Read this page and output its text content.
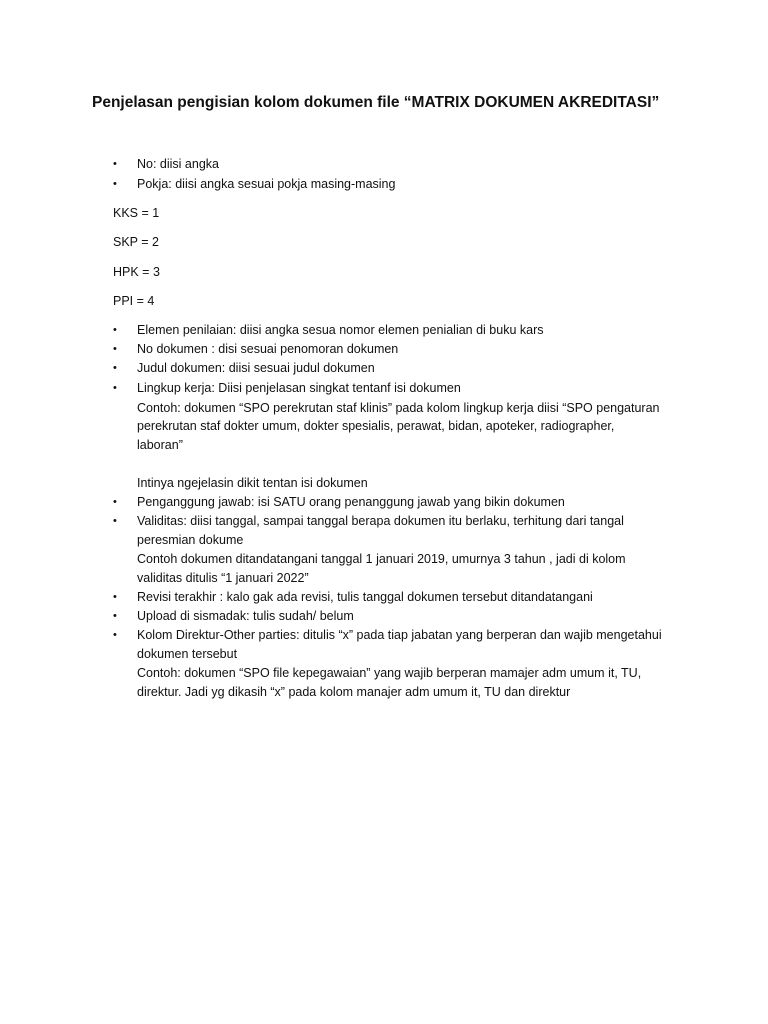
Penjelasan pengisian kolom dokumen file “MATRIX DOKUMEN AKREDITASI”
• No: diisi angka
• Pokja: diisi angka sesuai pokja masing-masing
KKS = 1
SKP = 2
HPK = 3
PPI = 4
• Elemen penilaian: diisi angka sesua nomor elemen penialian di buku kars
• No dokumen : disi sesuai penomoran dokumen
• Judul dokumen: diisi sesuai judul dokumen
• Lingkup kerja: Diisi penjelasan singkat tentanf isi dokumen
Contoh: dokumen “SPO perekrutan staf klinis” pada kolom lingkup kerja diisi “SPO pengaturan
perekrutan staf dokter umum, dokter spesialis, perawat, bidan, apoteker, radiographer,
laboran”
Intinya ngejelasin dikit tentan isi dokumen
• Penganggung jawab: isi SATU orang penanggung jawab yang bikin dokumen
• Validitas: diisi tanggal, sampai tanggal berapa dokumen itu berlaku, terhitung dari tangal
peresmian dokume
Contoh dokumen ditandatangani tanggal 1 januari 2019, umurnya 3 tahun , jadi di kolom
validitas ditulis “1 januari 2022”
• Revisi terakhir : kalo gak ada revisi, tulis tanggal dokumen tersebut ditandatangani
• Upload di sismadak: tulis sudah/ belum
• Kolom Direktur-Other parties: ditulis “x” pada tiap jabatan yang berperan dan wajib mengetahui
dokumen tersebut
Contoh: dokumen “SPO file kepegawaian” yang wajib berperan mamajer adm umum it, TU,
direktur. Jadi yg dikasih “x” pada kolom manajer adm umum it, TU dan direktur
